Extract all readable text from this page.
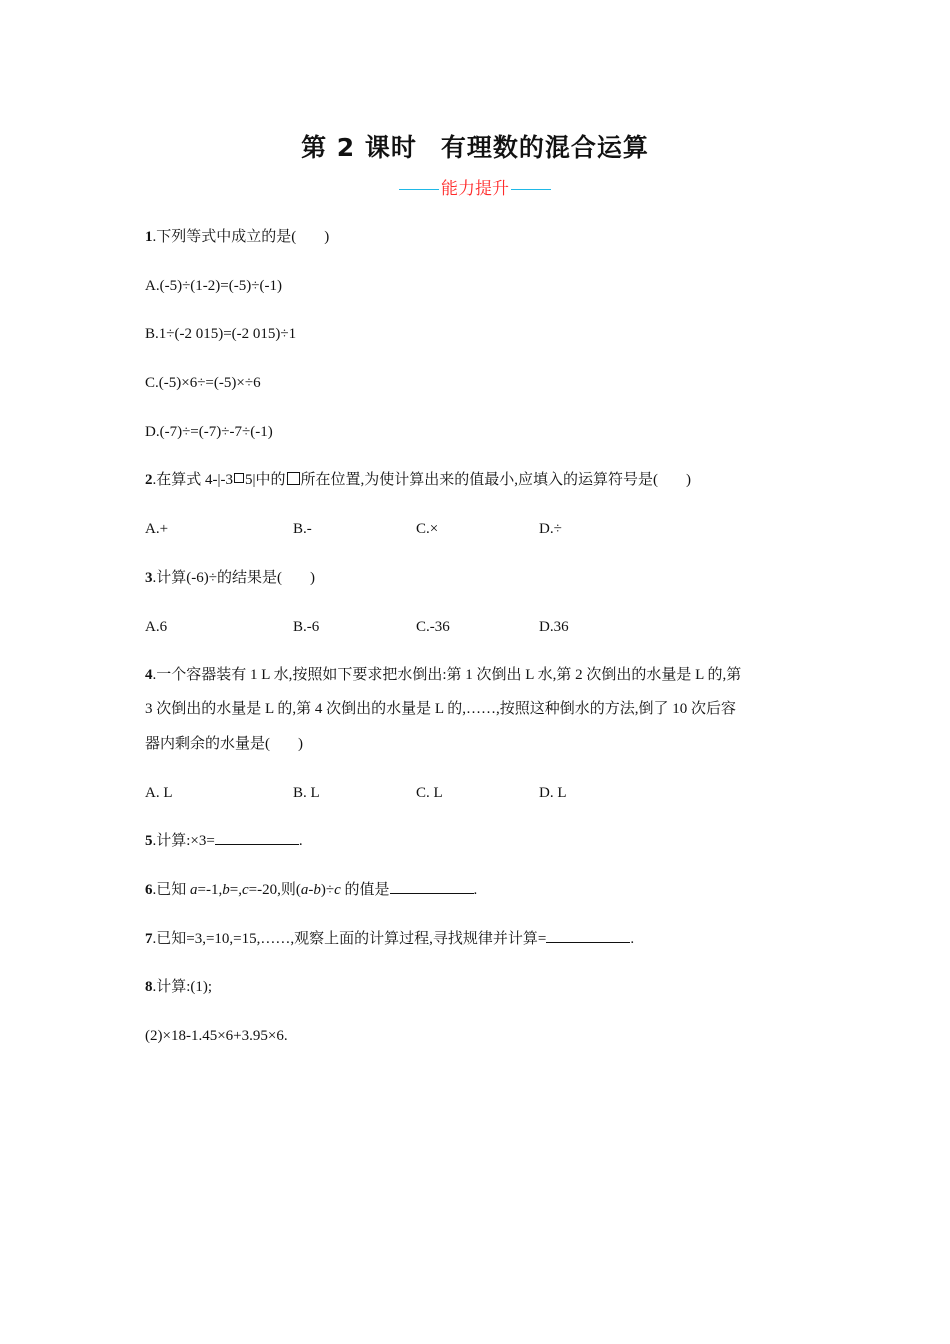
第 2 课时 有理数的混合运算
能力提升
1.下列等式中成立的是( )
A.(-5)÷(1-2)=(-5)÷(-1)
B.1÷(-2 015)=(-2 015)÷1
C.(-5)×6÷=(-5)×÷6
D.(-7)÷=(-7)÷-7÷(-1)
2.在算式 4-|-3 5|中的 所在位置,为使计算出来的值最小,应填入的运算符号是( )
A.+	B.-	C.×	D.÷
3.计算(-6)÷的结果是( )
A.6	B.-6	C.-36	D.36
4.一个容器装有 1 L 水,按照如下要求把水倒出:第 1 次倒出 L 水,第 2 次倒出的水量是 L 的,第
3 次倒出的水量是 L 的,第 4 次倒出的水量是 L 的,……,按照这种倒水的方法,倒了 10 次后容
器内剩余的水量是( )
A. L	B. L	C. L	D. L
5.计算:×3=	.
6.已知 a=-1,b=,c=-20,则(a-b)÷c 的值是	.
7.已知=3,=10,=15,……,观察上面的计算过程,寻找规律并计算=	.
8.计算:(1);
(2)×18-1.45×6+3.95×6.
